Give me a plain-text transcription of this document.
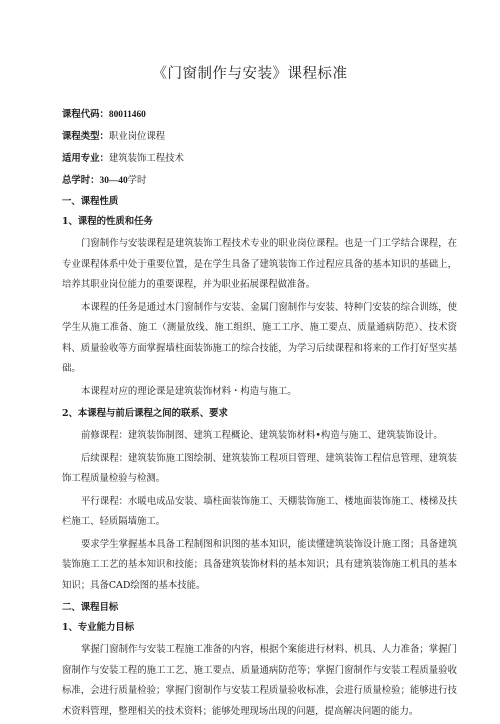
《门窗制作与安装》课程标准
课程代码：80011460
课程类型：职业岗位课程
适用专业：建筑装饰工程技术
总学时：30—40学时
一、课程性质
1、课程的性质和任务

门窗制作与安装课程是建筑装饰工程技术专业的职业岗位课程。也是一门工学结合课程，在专业课程体系中处于重要位置，是在学生具备了建筑装饰工作过程应具备的基本知识的基础上，培养其职业岗位能力的重要课程，并为职业拓展课程做准备。

本课程的任务是通过木门窗制作与安装、金属门窗制作与安装、特种门安装的综合训练，使学生从施工准备、施工（测量放线、施工组织、施工工序、施工要点、质量通病防范）、技术资料、质量验收等方面掌握墙柱面装饰施工的综合技能，为学习后续课程和将来的工作打好坚实基础。

本课程对应的理论课是建筑装饰材料・构造与施工。

2、本课程与前后课程之间的联系、要求

前修课程：建筑装饰制图、建筑工程概论、建筑装饰材料•构造与施工、建筑装饰设计。

后续课程：建筑装饰施工图绘制、建筑装饰工程项目管理、建筑装饰工程信息管理、建筑装饰工程质量检验与检测。

平行课程：水暖电成品安装、墙柱面装饰施工、天棚装饰施工、楼地面装饰施工、楼梯及扶栏施工、轻质隔墙施工。

要求学生掌握基本具备工程制图和识图的基本知识，能读懂建筑装饰设计施工图；具备建筑装饰施工工艺的基本知识和技能；具备建筑装饰材料的基本知识；具有建筑装饰施工机具的基本知识；具备CAD绘图的基本技能。

二、课程目标
1、专业能力目标

掌握门窗制作与安装工程施工准备的内容，根据个案能进行材料、机具、人力准备；掌握门窗制作与安装工程的施工工艺、施工要点、质量通病防范等；掌握门窗制作与安装工程质量验收标准，会进行质量检验；掌握门窗制作与安装工程质量验收标准，会进行质量检验；能够进行技术资料管理，整理相关的技术资料；能够处理现场出现的问题，提高解决问题的能力。
